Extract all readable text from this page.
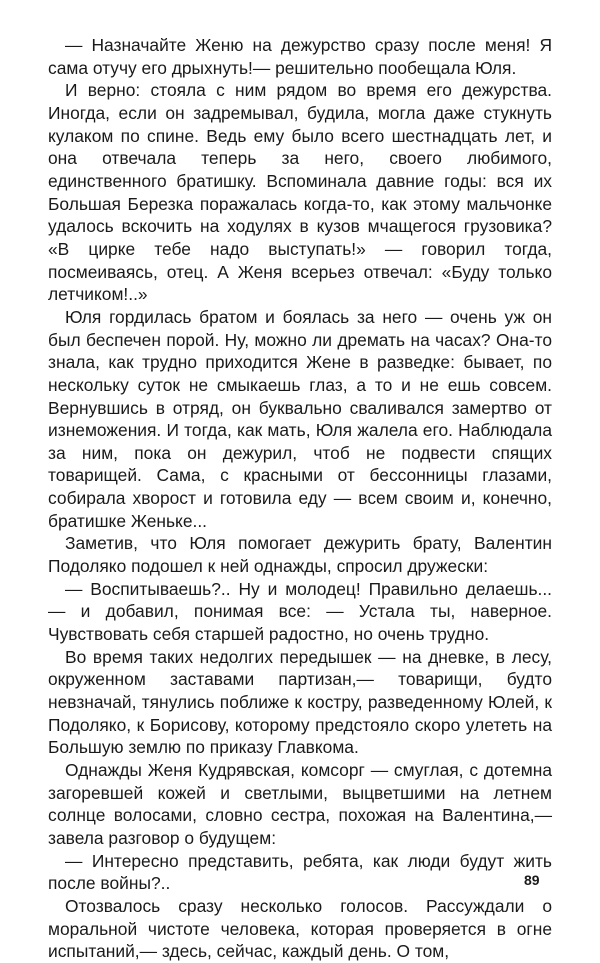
— Назначайте Женю на дежурство сразу после меня! Я сама отучу его дрыхнуть!— решительно пообещала Юля.

И верно: стояла с ним рядом во время его дежурства. Иногда, если он задремывал, будила, могла даже стукнуть кулаком по спине. Ведь ему было всего шестнадцать лет, и она отвечала теперь за него, своего любимого, единственного братишку. Вспоминала давние годы: вся их Большая Березка поражалась когда-то, как этому мальчонке удалось вскочить на ходулях в кузов мчащегося грузовика? «В цирке тебе надо выступать!» — говорил тогда, посмеиваясь, отец. А Женя всерьез отвечал: «Буду только летчиком!..»

Юля гордилась братом и боялась за него — очень уж он был беспечен порой. Ну, можно ли дремать на часах? Она-то знала, как трудно приходится Жене в разведке: бывает, по нескольку суток не смыкаешь глаз, а то и не ешь совсем. Вернувшись в отряд, он буквально сваливался замертво от изнеможения. И тогда, как мать, Юля жалела его. Наблюдала за ним, пока он дежурил, чтоб не подвести спящих товарищей. Сама, с красными от бессонницы глазами, собирала хворост и готовила еду — всем своим и, конечно, братишке Женьке...

Заметив, что Юля помогает дежурить брату, Валентин Подоляко подошел к ней однажды, спросил дружески:

— Воспитываешь?.. Ну и молодец! Правильно делаешь... — и добавил, понимая все: — Устала ты, наверное. Чувствовать себя старшей радостно, но очень трудно.

Во время таких недолгих передышек — на дневке, в лесу, окруженном заставами партизан,— товарищи, будто невзначай, тянулись поближе к костру, разведенному Юлей, к Подоляко, к Борисову, которому предстояло скоро улететь на Большую землю по приказу Главкома.

Однажды Женя Кудрявская, комсорг — смуглая, с дотемна загоревшей кожей и светлыми, выцветшими на летнем солнце волосами, словно сестра, похожая на Валентина,— завела разговор о будущем:

— Интересно представить, ребята, как люди будут жить после войны?..

Отозвалось сразу несколько голосов. Рассуждали о моральной чистоте человека, которая проверяется в огне испытаний,— здесь, сейчас, каждый день. О том,

89
